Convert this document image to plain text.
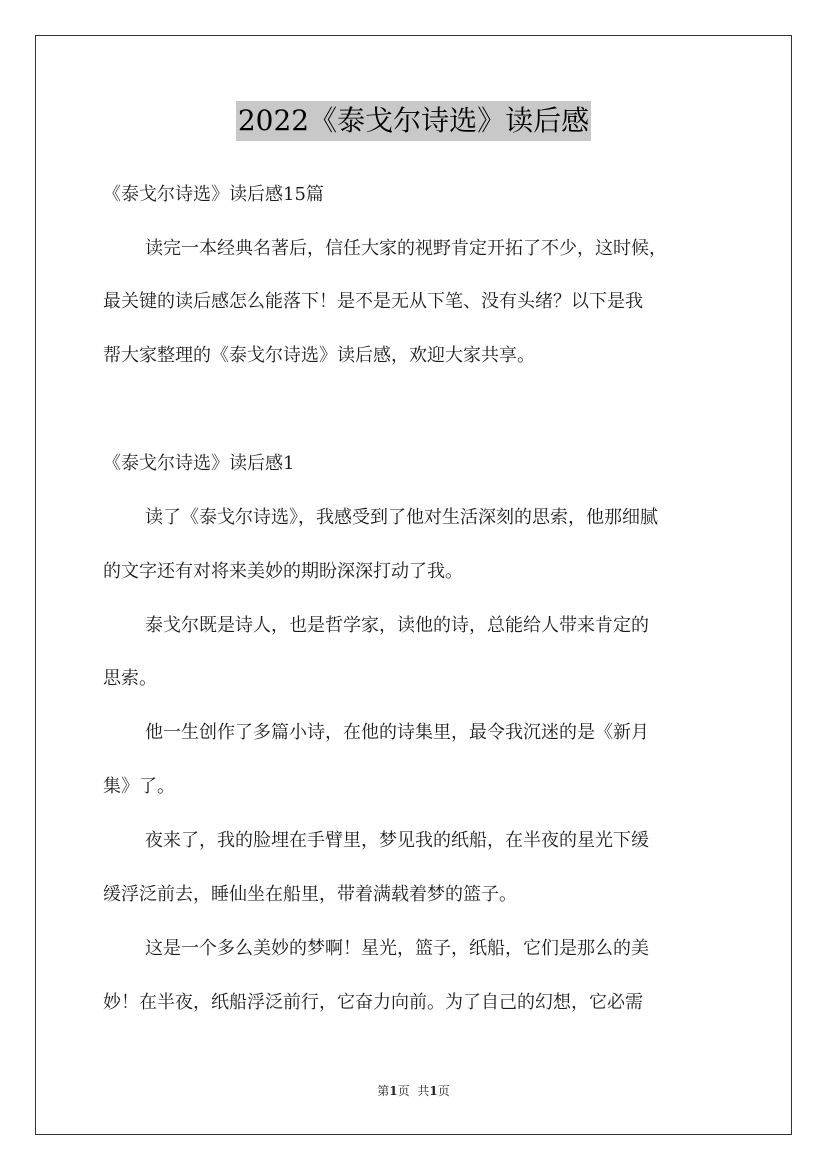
2022《泰戈尔诗选》读后感
《泰戈尔诗选》读后感15篇
读完一本经典名著后，信任大家的视野肯定开拓了不少，这时候，
最关键的读后感怎么能落下！是不是无从下笔、没有头绪？以下是我
帮大家整理的《泰戈尔诗选》读后感，欢迎大家共享。
《泰戈尔诗选》读后感1
读了《泰戈尔诗选》，我感受到了他对生活深刻的思索，他那细腻
的文字还有对将来美妙的期盼深深打动了我。
泰戈尔既是诗人，也是哲学家，读他的诗，总能给人带来肯定的
思索。
他一生创作了多篇小诗，在他的诗集里，最令我沉迷的是《新月
集》了。
夜来了，我的脸埋在手臂里，梦见我的纸船，在半夜的星光下缓
缓浮泛前去，睡仙坐在船里，带着满载着梦的篮子。
这是一个多么美妙的梦啊！星光，篮子，纸船，它们是那么的美
妙！在半夜，纸船浮泛前行，它奋力向前。为了自己的幻想，它必需
第1页 共1页
